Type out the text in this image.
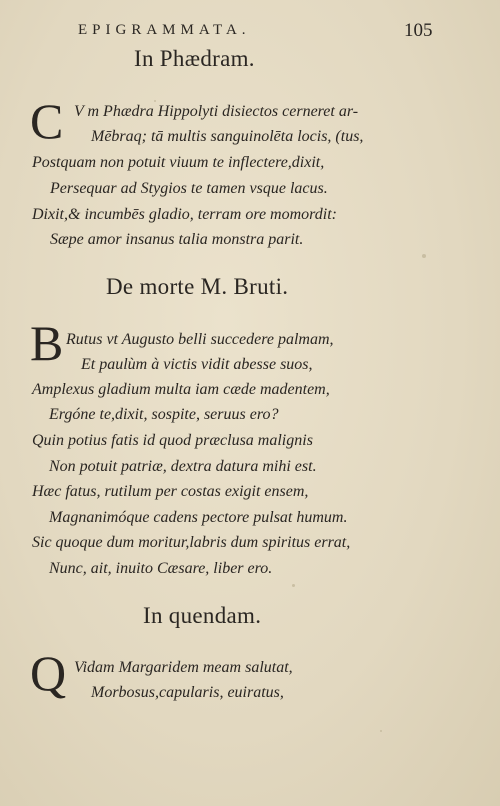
EPIGRAMMATA.	105
In Phædram.
C V m Phædra Hippolyti disiectos cerneret ar-
Mēbraq; tā multis sanguinolēta locis, (tus,
Postquam non potuit viuum te inflectere,dixit,
Persequar ad Stygios te tamen vsque lacus.
Dixit,& incumbēs gladio, terram ore momordit:
Sæpe amor insanus talia monstra parit.
De morte M. Bruti.
B Rutus vt Augusto belli succedere palmam,
Et paulùm à victis vidit abesse suos,
Amplexus gladium multa iam cæde madentem,
Ergóne te,dixit, sospite, seruus ero?
Quin potius fatis id quod præclusa malignis
Non potuit patriæ, dextra datura mihi est.
Hæc fatus, rutilum per costas exigit ensem,
Magnanimóque cadens pectore pulsat humum.
Sic quoque dum moritur,labris dum spiritus errat,
Nunc, ait, inuito Cæsare, liber ero.
In quendam.
Q Vidam Margaridem meam salutat,
Morbosus,capularis, euiratus,
